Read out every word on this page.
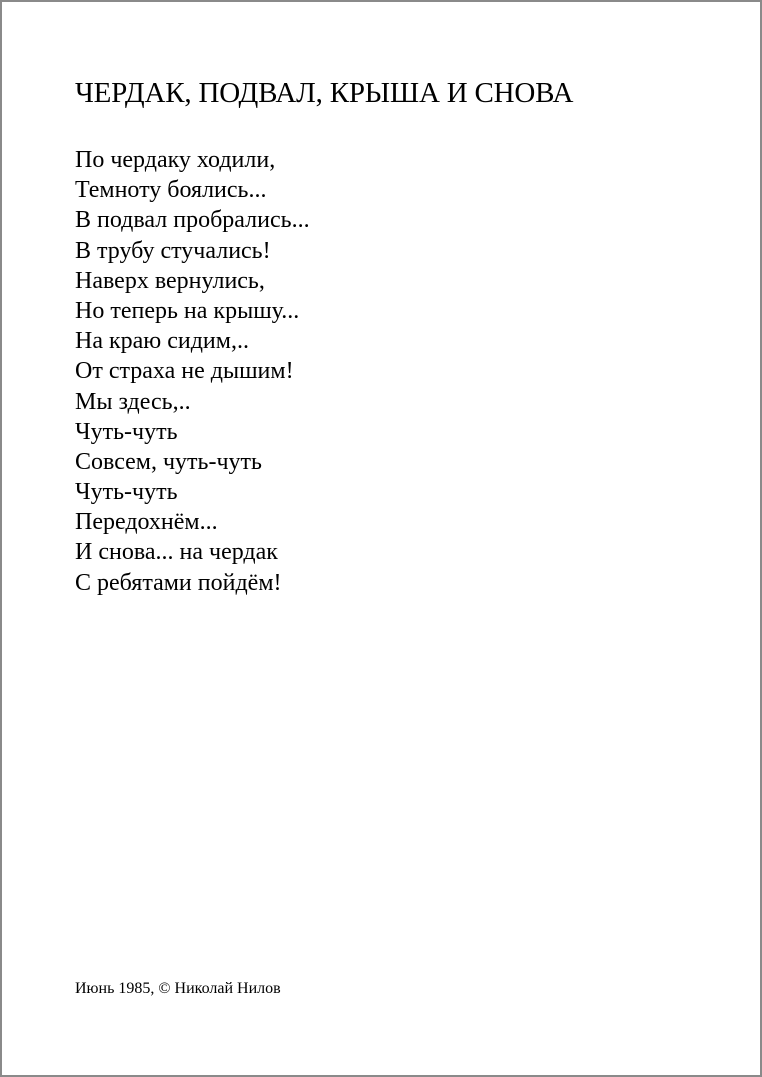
ЧЕРДАК, ПОДВАЛ, КРЫША И СНОВА
По чердаку ходили,
Темноту боялись...
В подвал пробрались...
В трубу стучались!
Наверх вернулись,
Но теперь на крышу...
На краю сидим,..
От страха не дышим!
Мы здесь,..
Чуть-чуть
Совсем, чуть-чуть
Чуть-чуть
Передохнём...
И снова... на чердак
С ребятами пойдём!
Июнь 1985, © Николай Нилов
